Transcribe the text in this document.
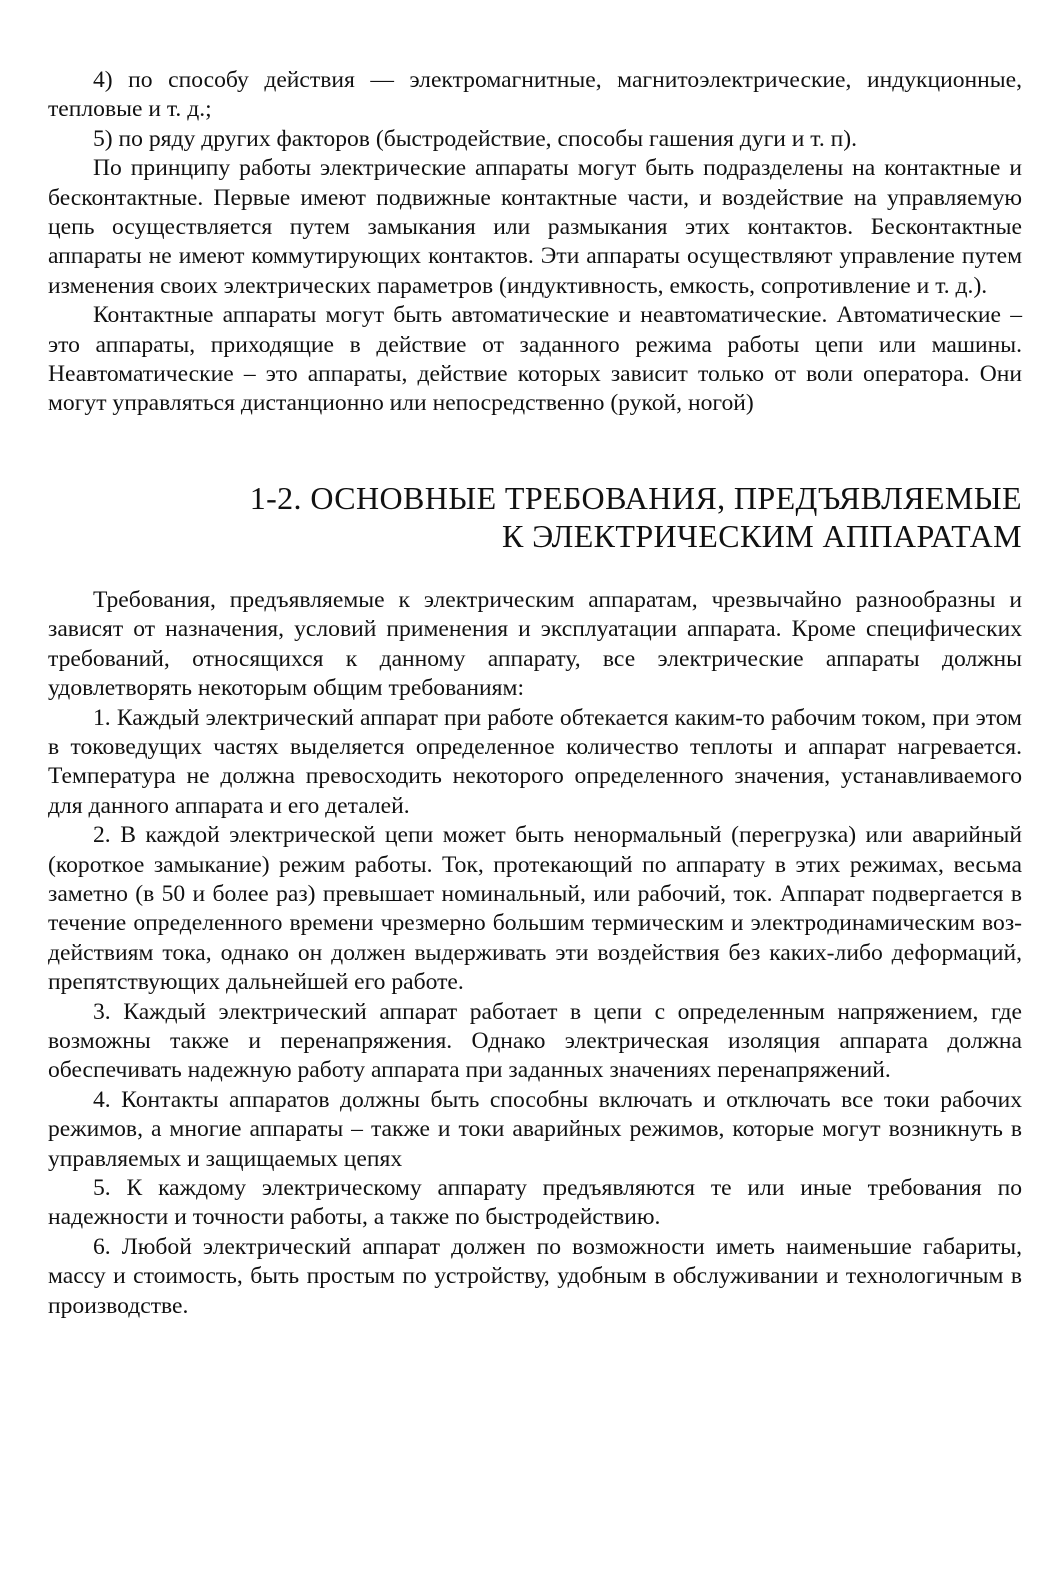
4) по способу действия — электромагнитные, магнитоэлектрические, индукционные, тепловые и т. д.;

5) по ряду других факторов (быстродействие, способы гашения дуги и т. п).

По принципу работы электрические аппараты могут быть подразделены на контактные и бесконтактные. Первые имеют подвижные контактные части, и воздействие на управляемую цепь осуществляется путем замыкания или размыкания этих контактов. Бесконтактные аппараты не имеют коммутирующих контактов. Эти аппараты осуществляют управление путем изменения своих электрических параметров (индуктивность, емкость, сопротивление и т. д.).

Контактные аппараты могут быть автоматические и неавтоматические. Автоматические – это аппараты, приходящие в действие от заданного режима работы цепи или машины. Неавтоматические – это аппараты, действие которых зависит только от воли оператора. Они могут управляться дистанционно или непосредственно (рукой, ногой)

1-2. ОСНОВНЫЕ ТРЕБОВАНИЯ, ПРЕДЪЯВЛЯЕМЫЕ
К ЭЛЕКТРИЧЕСКИМ АППАРАТАМ

Требования, предъявляемые к электрическим аппаратам, чрезвычайно разнообразны и зависят от назначения, условий применения и эксплуатации аппарата. Кроме специфических требований, относящихся к данному аппарату, все электрические аппараты должны удовлетворять некоторым общим требованиям:

1. Каждый электрический аппарат при работе обтекается каким-то рабочим током, при этом в токоведущих частях выделяется определенное количество теплоты и аппарат нагревается. Температура не должна превосходить некоторого определенного значения, устанавливаемого для данного аппарата и его деталей.

2. В каждой электрической цепи может быть ненормальный (перегрузка) или аварийный (короткое замыкание) режим работы. Ток, протекающий по аппарату в этих режимах, весьма заметно (в 50 и более раз) превышает номинальный, или рабочий, ток. Аппарат подвергается в течение определенного времени чрезмерно большим термическим и электродинамическим воздействиям тока, однако он должен выдерживать эти воздействия без каких-либо деформаций, препятствующих дальнейшей его работе.

3. Каждый электрический аппарат работает в цепи с определенным напряжением, где возможны также и перенапряжения. Однако электрическая изоляция аппарата должна обеспечивать надежную работу аппарата при заданных значениях перенапряжений.

4. Контакты аппаратов должны быть способны включать и отключать все токи рабочих режимов, а многие аппараты – также и токи аварийных режимов, которые могут возникнуть в управляемых и защищаемых цепях

5. К каждому электрическому аппарату предъявляются те или иные требования по надежности и точности работы, а также по быстродействию.

6. Любой электрический аппарат должен по возможности иметь наименьшие габариты, массу и стоимость, быть простым по устройству, удобным в обслуживании и технологичным в производстве.
